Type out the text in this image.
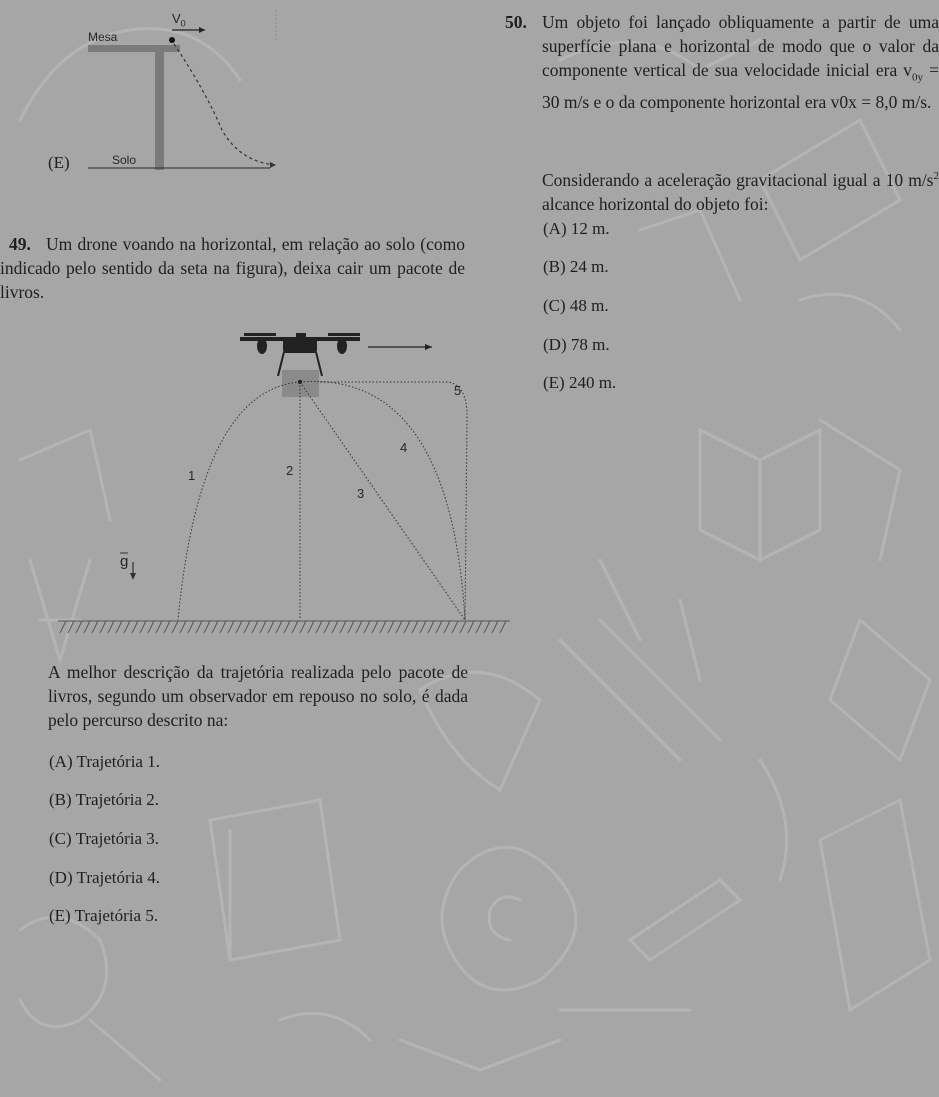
Mesa
Solo
$V_0$
(E)
49. Um drone voando na horizontal, em relação ao solo (como indicado pelo sentido da seta na figura), deixa cair um pacote de livros.
1	2
3
4
5
g
A melhor descrição da trajetória realizada pelo pacote de livros, segundo um observador em repouso no solo, é dada pelo percurso descrito na:
(A) Trajetória 1.
(B) Trajetória 2.
(C) Trajetória 3.
(D) Trajetória 4.
(E) Trajetória 5.
50. Um objeto foi lançado obliquamente a partir de uma superfície plana e horizontal de modo que o valor da componente vertical de sua velocidade inicial era $v_{0y} = 30$ m/s e o da componente horizontal era v0x = 8,0 m/s.
Considerando a aceleração gravitacional igual a 10 $m/s^2$ alcance horizontal do objeto foi:
(A) 12 m.
(B) 24 m.
(C) 48 m.
(D) 78 m.
(E) 240 m.
